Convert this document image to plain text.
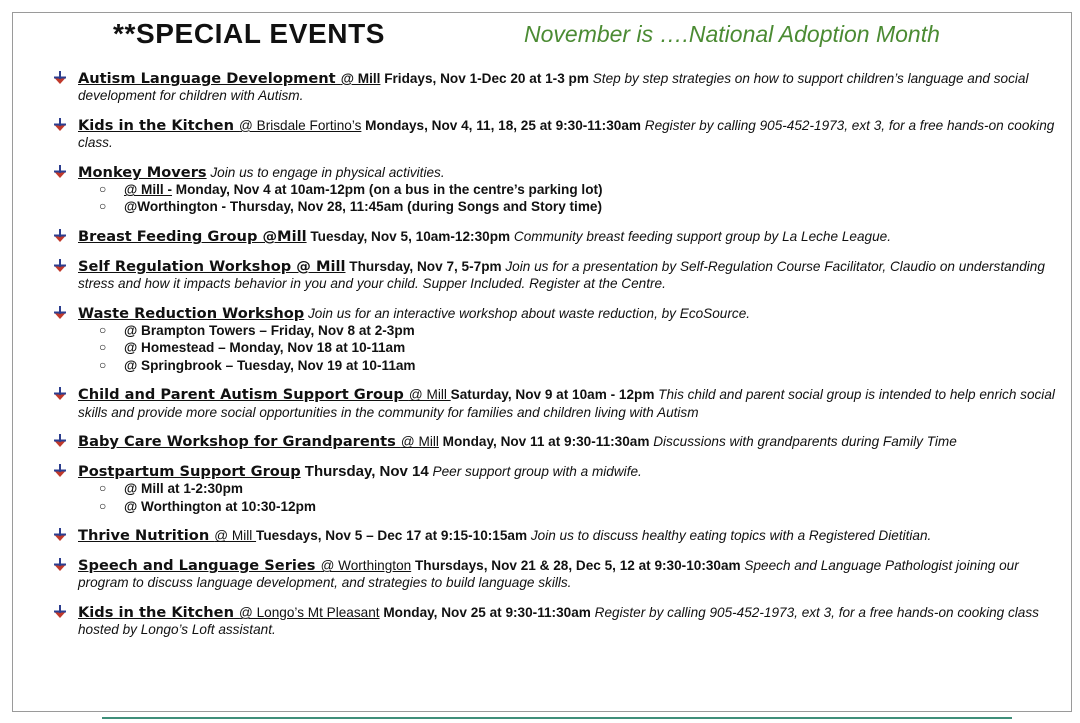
**SPECIAL EVENTS	November is ….National Adoption Month
Autism Language Development @ Mill Fridays, Nov 1-Dec 20 at 1-3 pm Step by step strategies on how to support children’s language and social development for children with Autism.
Kids in the Kitchen @ Brisdale Fortino’s Mondays, Nov 4, 11, 18, 25 at 9:30-11:30am Register by calling 905-452-1973, ext 3, for a free hands-on cooking class.
Monkey Movers Join us to engage in physical activities.
○ @ Mill - Monday, Nov 4 at 10am-12pm (on a bus in the centre’s parking lot)
○ @Worthington - Thursday, Nov 28, 11:45am (during Songs and Story time)
Breast Feeding Group @Mill Tuesday, Nov 5, 10am-12:30pm Community breast feeding support group by La Leche League.
Self Regulation Workshop @ Mill Thursday, Nov 7, 5-7pm Join us for a presentation by Self-Regulation Course Facilitator, Claudio on understanding stress and how it impacts behavior in you and your child. Supper Included. Register at the Centre.
Waste Reduction Workshop Join us for an interactive workshop about waste reduction, by EcoSource.
○ @ Brampton Towers – Friday, Nov 8 at 2-3pm
○ @ Homestead – Monday, Nov 18 at 10-11am
○ @ Springbrook – Tuesday, Nov 19 at 10-11am
Child and Parent Autism Support Group @ Mill Saturday, Nov 9 at 10am - 12pm This child and parent social group is intended to help enrich social skills and provide more social opportunities in the community for families and children living with Autism
Baby Care Workshop for Grandparents @ Mill Monday, Nov 11 at 9:30-11:30am Discussions with grandparents during Family Time
Postpartum Support Group Thursday, Nov 14 Peer support group with a midwife.
○ @ Mill at 1-2:30pm
○ @ Worthington at 10:30-12pm
Thrive Nutrition @ Mill Tuesdays, Nov 5 – Dec 17 at 9:15-10:15am Join us to discuss healthy eating topics with a Registered Dietitian.
Speech and Language Series @ Worthington Thursdays, Nov 21 & 28, Dec 5, 12 at 9:30-10:30am Speech and Language Pathologist joining our program to discuss language development, and strategies to build language skills.
Kids in the Kitchen @ Longo’s Mt Pleasant Monday, Nov 25 at 9:30-11:30am Register by calling 905-452-1973, ext 3, for a free hands-on cooking class hosted by Longo’s Loft assistant.
